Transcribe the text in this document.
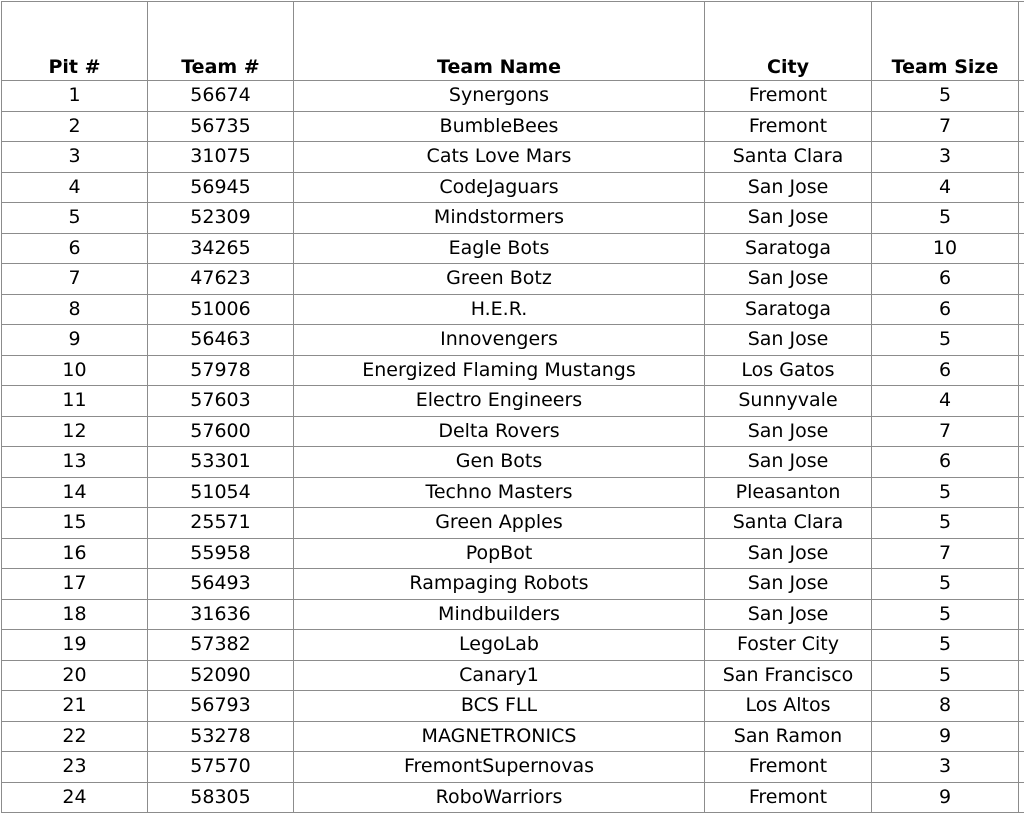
Pit #	Team #	Team Name	City	Team Size	
1	56674	Synergons	Fremont	5	
2	56735	BumbleBees	Fremont	7	
3	31075	Cats Love Mars	Santa Clara	3	
4	56945	CodeJaguars	San Jose	4	
5	52309	Mindstormers	San Jose	5	
6	34265	Eagle Bots	Saratoga	10	
7	47623	Green Botz	San Jose	6	
8	51006	H.E.R.	Saratoga	6	
9	56463	Innovengers	San Jose	5	
10	57978	Energized Flaming Mustangs	Los Gatos	6	
11	57603	Electro Engineers	Sunnyvale	4	
12	57600	Delta Rovers	San Jose	7	
13	53301	Gen Bots	San Jose	6	
14	51054	Techno Masters	Pleasanton	5	
15	25571	Green Apples	Santa Clara	5	
16	55958	PopBot	San Jose	7	
17	56493	Rampaging Robots	San Jose	5	
18	31636	Mindbuilders	San Jose	5	
19	57382	LegoLab	Foster City	5	
20	52090	Canary1	San Francisco	5	
21	56793	BCS FLL	Los Altos	8	
22	53278	MAGNETRONICS	San Ramon	9	
23	57570	FremontSupernovas	Fremont	3	
24	58305	RoboWarriors	Fremont	9	
